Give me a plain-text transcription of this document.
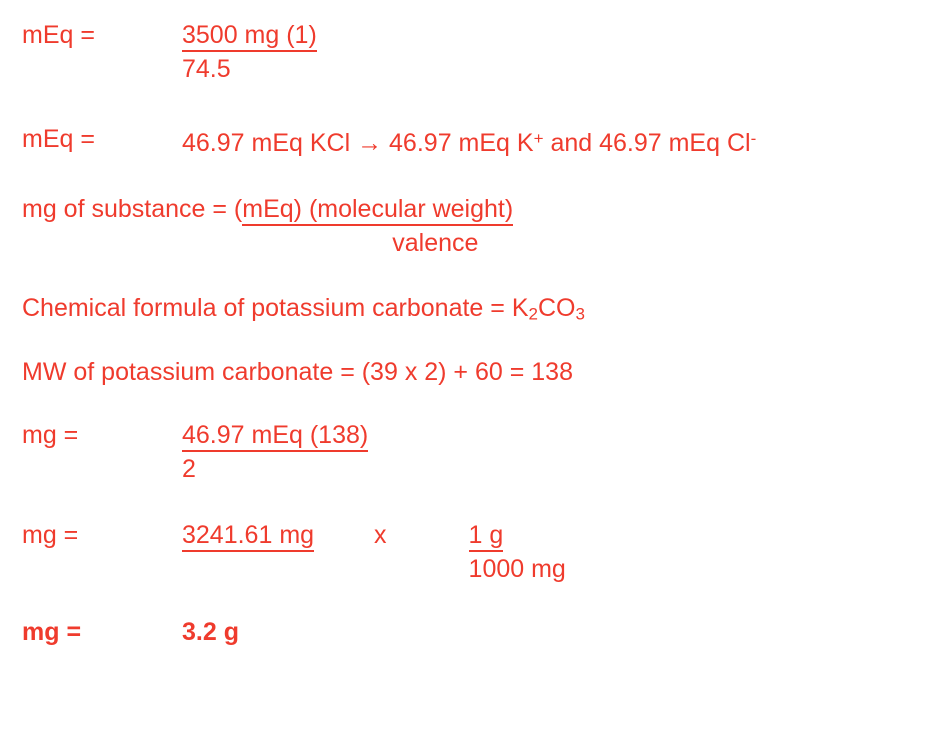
mEq =	$\frac{3500 mg (1)}{74.5}$
mEq =	46.97 mEq KCl → 46.97 mEq K+ and 46.97 mEq Cl-
mg of substance = ( $\frac{\text{mEq) (molecular weight)}}{\text{valence}}$
Chemical formula of potassium carbonate = $K_2CO_3$
MW of potassium carbonate = (39 x 2) + 60 = 138
mg =	$\frac{\text{46.97 mEq (138)}}{2}$
mg =	3241.61 mg x	$\frac{1 g}{1000 mg}$
mg =	3.2 g
